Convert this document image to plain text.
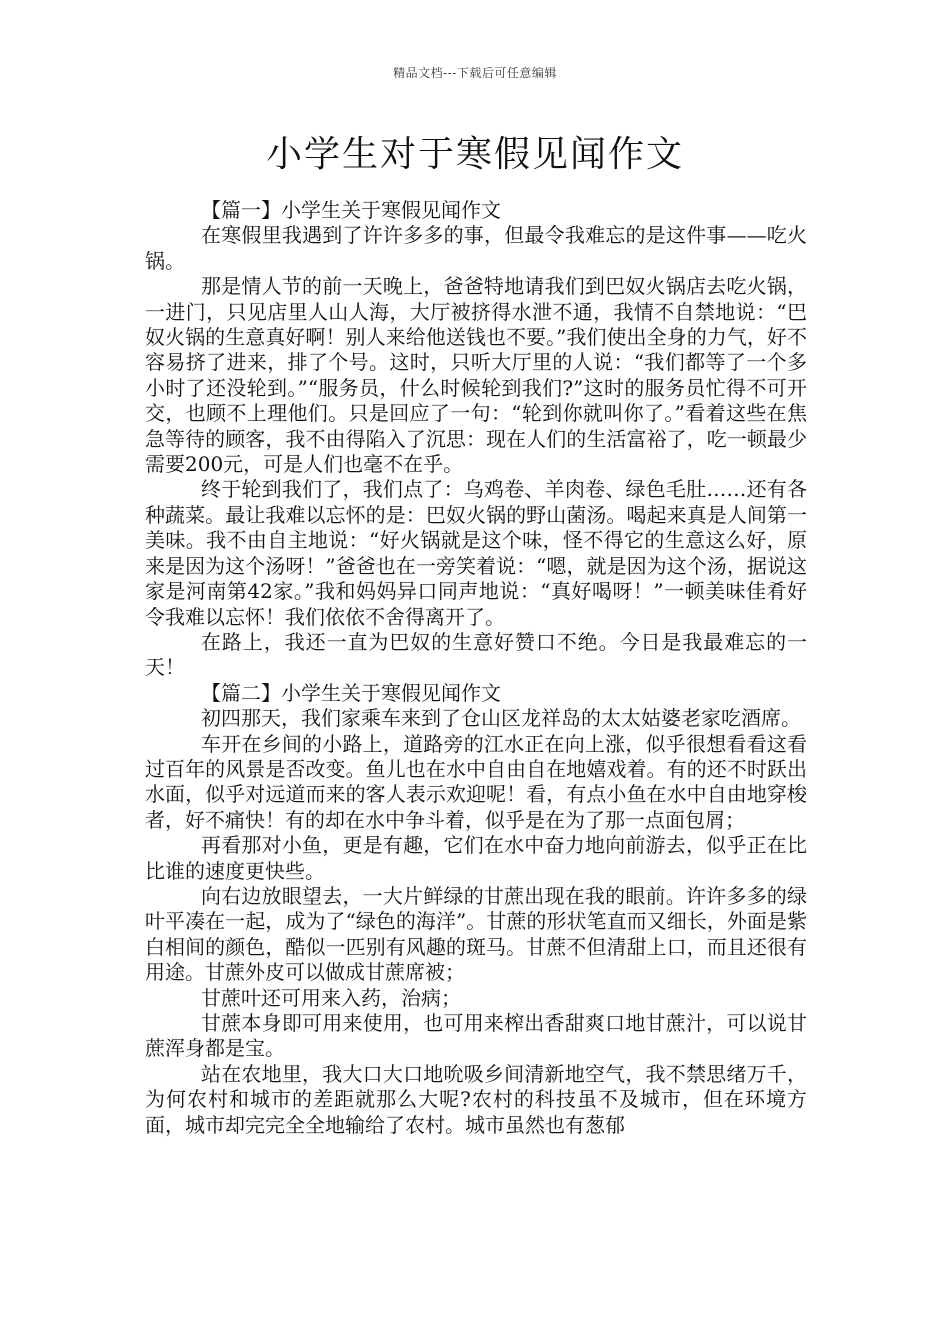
精品文档---下载后可任意编辑
小学生对于寒假见闻作文

【篇一】小学生关于寒假见闻作文

在寒假里我遇到了许许多多的事，但最令我难忘的是这件事——吃火锅。

那是情人节的前一天晚上，爸爸特地请我们到巴奴火锅店去吃火锅，一进门，只见店里人山人海，大厅被挤得水泄不通，我情不自禁地说：“巴奴火锅的生意真好啊！别人来给他送钱也不要。”我们使出全身的力气，好不容易挤了进来，排了个号。这时，只听大厅里的人说：“我们都等了一个多小时了还没轮到。”“服务员，什么时候轮到我们?”这时的服务员忙得不可开交，也顾不上理他们。只是回应了一句：“轮到你就叫你了。”看着这些在焦急等待的顾客，我不由得陷入了沉思：现在人们的生活富裕了，吃一顿最少需要200元，可是人们也毫不在乎。

终于轮到我们了，我们点了：乌鸡卷、羊肉卷、绿色毛肚……还有各种蔬菜。最让我难以忘怀的是：巴奴火锅的野山菌汤。喝起来真是人间第一美味。我不由自主地说：“好火锅就是这个味，怪不得它的生意这么好，原来是因为这个汤呀！”爸爸也在一旁笑着说：“嗯，就是因为这个汤，据说这家是河南第42家。”我和妈妈异口同声地说：“真好喝呀！”一顿美味佳肴好令我难以忘怀！我们依依不舍得离开了。

在路上，我还一直为巴奴的生意好赞口不绝。今日是我最难忘的一天！

【篇二】小学生关于寒假见闻作文

初四那天，我们家乘车来到了仓山区龙祥岛的太太姑婆老家吃酒席。

车开在乡间的小路上，道路旁的江水正在向上涨，似乎很想看看这看过百年的风景是否改变。鱼儿也在水中自由自在地嬉戏着。有的还不时跃出水面，似乎对远道而来的客人表示欢迎呢！看，有点小鱼在水中自由地穿梭者，好不痛快！有的却在水中争斗着，似乎是在为了那一点面包屑；

再看那对小鱼，更是有趣，它们在水中奋力地向前游去，似乎正在比比谁的速度更快些。

向右边放眼望去，一大片鲜绿的甘蔗出现在我的眼前。许许多多的绿叶平凑在一起，成为了“绿色的海洋”。甘蔗的形状笔直而又细长，外面是紫白相间的颜色，酷似一匹别有风趣的斑马。甘蔗不但清甜上口，而且还很有用途。甘蔗外皮可以做成甘蔗席被；

甘蔗叶还可用来入药，治病；

甘蔗本身即可用来使用，也可用来榨出香甜爽口地甘蔗汁，可以说甘蔗浑身都是宝。

站在农地里，我大口大口地吮吸乡间清新地空气，我不禁思绪万千，为何农村和城市的差距就那么大呢?农村的科技虽不及城市，但在环境方面，城市却完完全全地输给了农村。城市虽然也有葱郁
